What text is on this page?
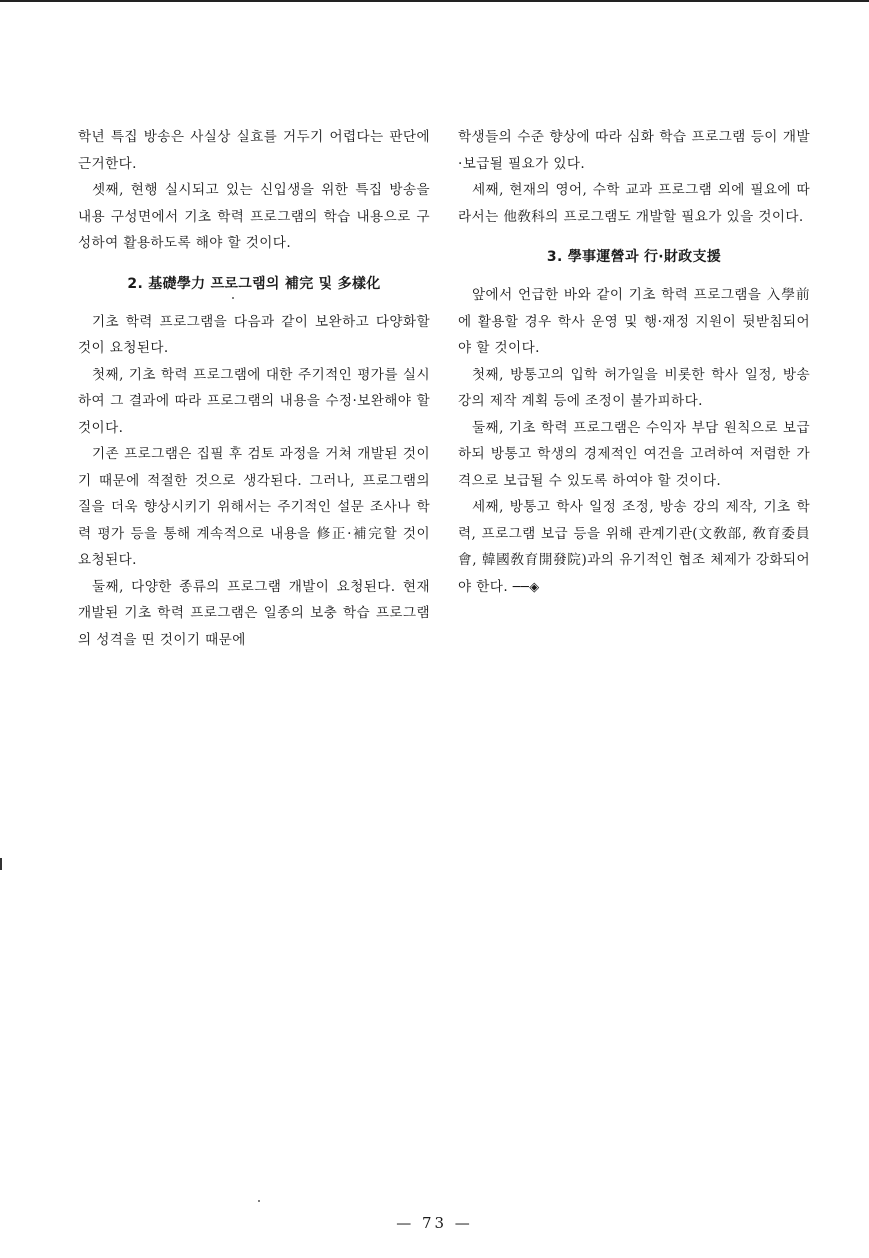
학년 특집 방송은 사실상 실효를 거두기 어렵다는 판단에 근거한다.

셋째, 현행 실시되고 있는 신입생을 위한 특집 방송을 내용 구성면에서 기초 학력 프로그램의 학습 내용으로 구성하여 활용하도록 해야 할 것이다.

2. 基礎學力 프로그램의 補完 및 多樣化

기초 학력 프로그램을 다음과 같이 보완하고 다양화할 것이 요청된다.

첫째, 기초 학력 프로그램에 대한 주기적인 평가를 실시하여 그 결과에 따라 프로그램의 내용을 수정·보완해야 할 것이다.

기존 프로그램은 집필 후 검토 과정을 거쳐 개발된 것이기 때문에 적절한 것으로 생각된다. 그러나, 프로그램의 질을 더욱 향상시키기 위해서는 주기적인 설문 조사나 학력 평가 등을 통해 계속적으로 내용을 修正·補完할 것이 요청된다.

둘째, 다양한 종류의 프로그램 개발이 요청된다. 현재 개발된 기초 학력 프로그램은 일종의 보충 학습 프로그램의 성격을 띤 것이기 때문에

학생들의 수준 향상에 따라 심화 학습 프로그램 등이 개발·보급될 필요가 있다.

세째, 현재의 영어, 수학 교과 프로그램 외에 필요에 따라서는 他敎科의 프로그램도 개발할 필요가 있을 것이다.

3. 學事運營과 行·財政支援

앞에서 언급한 바와 같이 기초 학력 프로그램을 入學前에 활용할 경우 학사 운영 및 행·재정 지원이 뒷받침되어야 할 것이다.

첫째, 방통고의 입학 허가일을 비롯한 학사 일정, 방송 강의 제작 계획 등에 조정이 불가피하다.

둘째, 기초 학력 프로그램은 수익자 부담 원칙으로 보급하되 방통고 학생의 경제적인 여건을 고려하여 저렴한 가격으로 보급될 수 있도록 하여야 할 것이다.

세째, 방통고 학사 일정 조정, 방송 강의 제작, 기초 학력, 프로그램 보급 등을 위해 관계기관(文敎部, 敎育委員會, 韓國敎育開發院)과의 유기적인 협조 체제가 강화되어야 한다. ──◈

— 73 —
